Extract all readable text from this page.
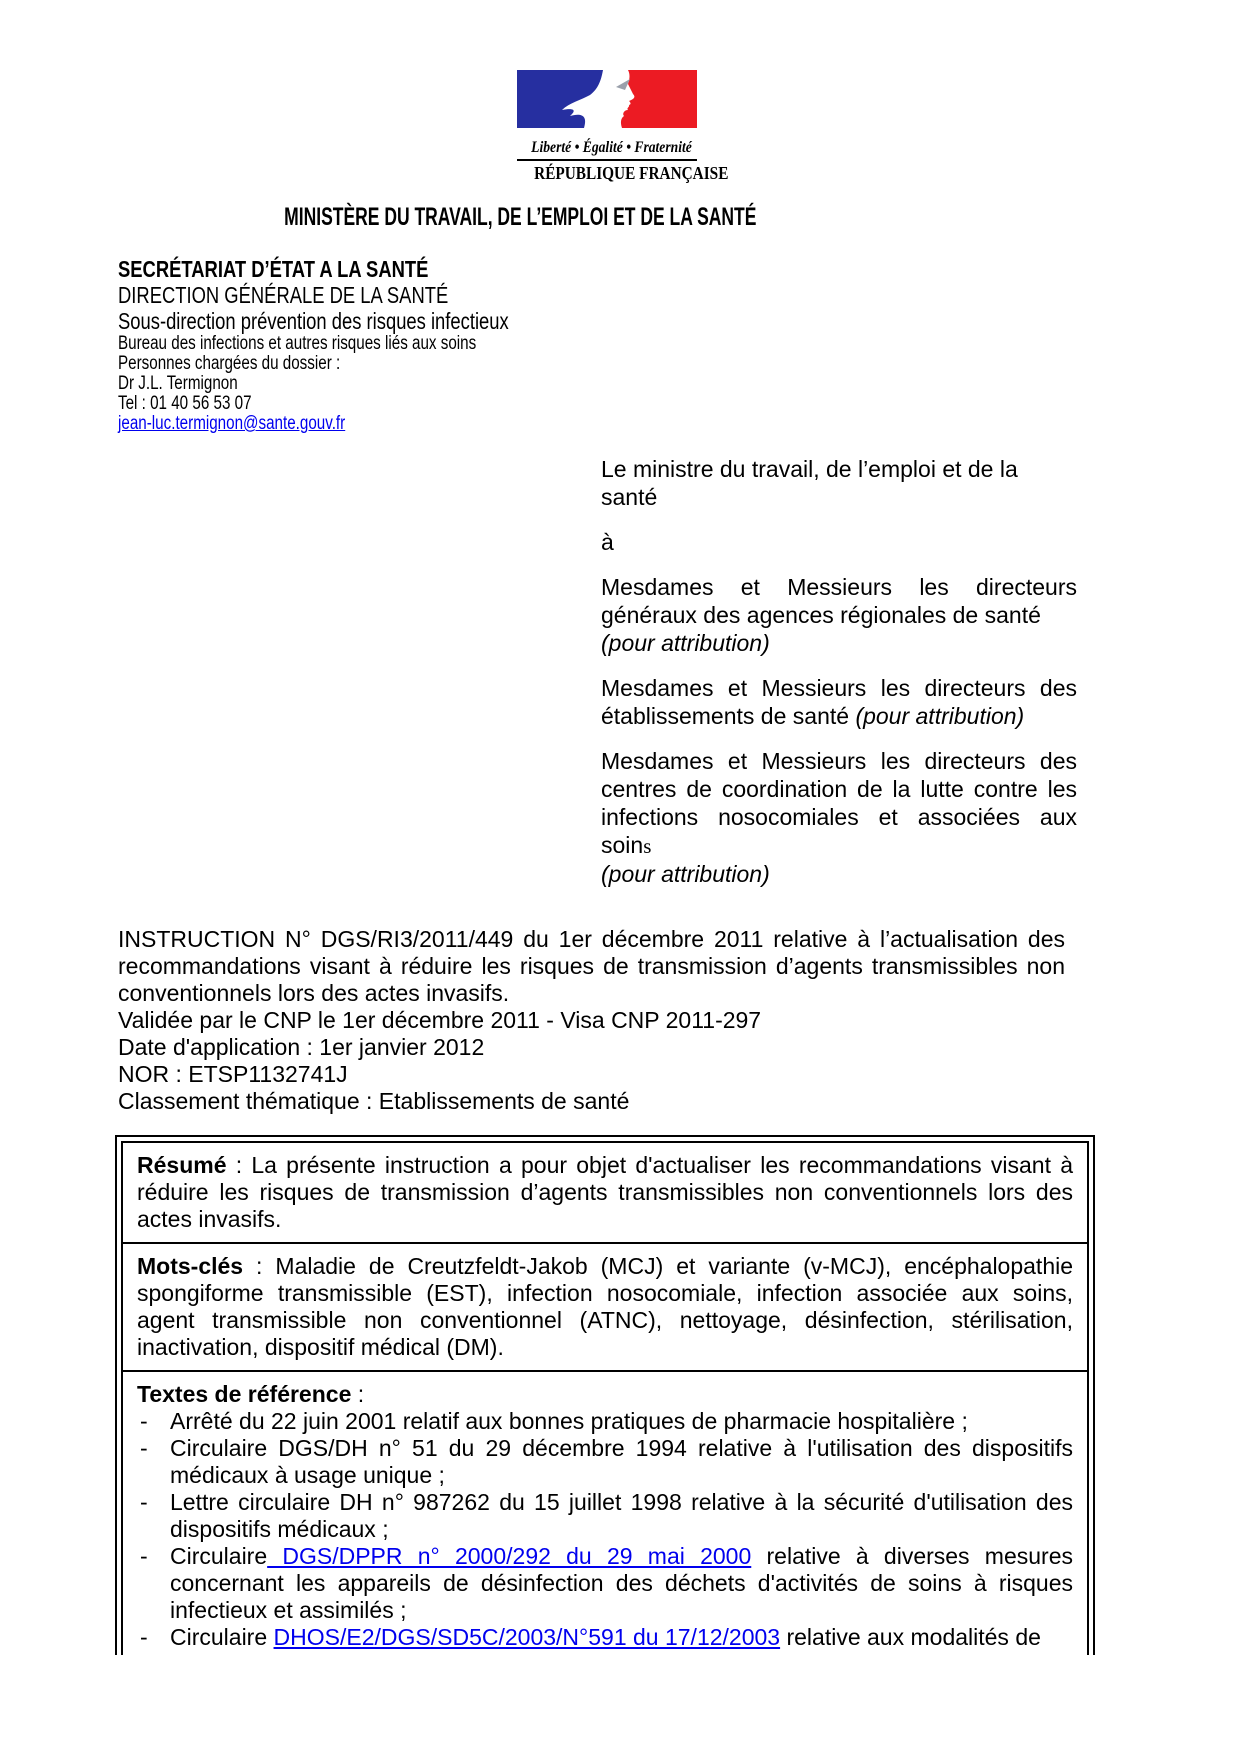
Liberté • Égalité • Fraternité
RÉPUBLIQUE FRANÇAISE
MINISTÈRE DU TRAVAIL, DE L’EMPLOI ET DE LA SANTÉ
SECRÉTARIAT D’ÉTAT A LA SANTÉ
DIRECTION GÉNÉRALE DE LA SANTÉ
Sous-direction prévention des risques infectieux
Bureau des infections et autres risques liés aux soins
Personnes chargées du dossier :
Dr J.L. Termignon
Tel : 01 40 56 53 07
jean-luc.termignon@sante.gouv.fr

Le ministre du travail, de l’emploi et de la santé

à

Mesdames et Messieurs les directeurs généraux des agences régionales de santé
(pour attribution)

Mesdames et Messieurs les directeurs des établissements de santé (pour attribution)

Mesdames et Messieurs les directeurs des centres de coordination de la lutte contre les infections nosocomiales et associées aux soins
(pour attribution)

INSTRUCTION N° DGS/RI3/2011/449 du 1er décembre 2011 relative à l’actualisation des recommandations visant à réduire les risques de transmission d’agents transmissibles non conventionnels lors des actes invasifs.

Validée par le CNP le 1er décembre 2011 - Visa CNP 2011-297

Date d'application : 1er janvier 2012

NOR : ETSP1132741J

Classement thématique : Etablissements de santé

Résumé : La présente instruction a pour objet d'actualiser les recommandations visant à réduire les risques de transmission d’agents transmissibles non conventionnels lors des actes invasifs.

Mots-clés : Maladie de Creutzfeldt-Jakob (MCJ) et variante (v-MCJ), encéphalopathie spongiforme transmissible (EST), infection nosocomiale, infection associée aux soins, agent transmissible non conventionnel (ATNC), nettoyage, désinfection, stérilisation, inactivation, dispositif médical (DM).

Textes de référence :

- Arrêté du 22 juin 2001 relatif aux bonnes pratiques de pharmacie hospitalière ;
- Circulaire DGS/DH n° 51 du 29 décembre 1994 relative à l'utilisation des dispositifs médicaux à usage unique ;
- Lettre circulaire DH n° 987262 du 15 juillet 1998 relative à la sécurité d'utilisation des dispositifs médicaux ;
- Circulaire DGS/DPPR n° 2000/292 du 29 mai 2000 relative à diverses mesures concernant les appareils de désinfection des déchets d'activités de soins à risques infectieux et assimilés ;
- Circulaire DHOS/E2/DGS/SD5C/2003/N°591 du 17/12/2003 relative aux modalités de
